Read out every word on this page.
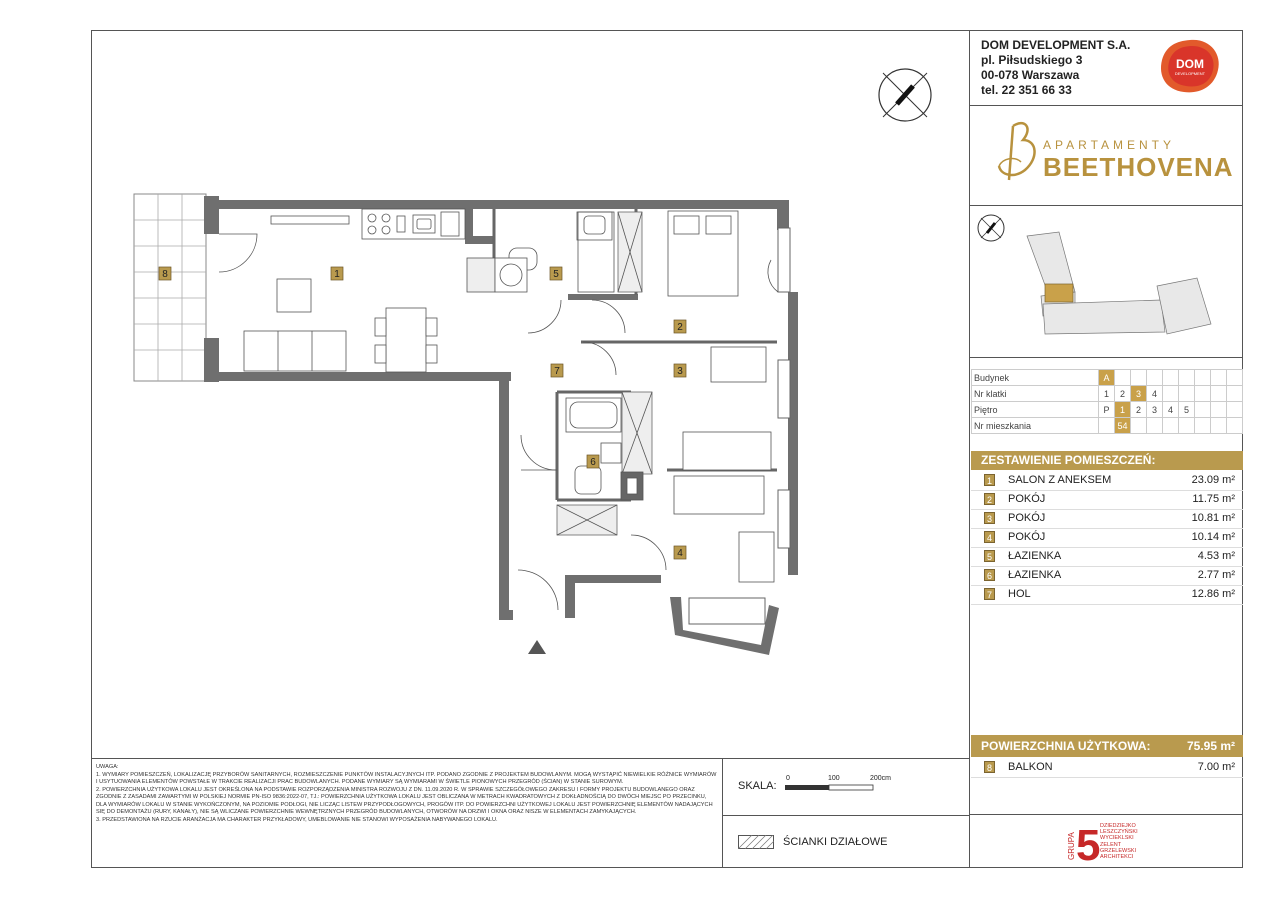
1
2
3
4
5
6
7
8
DOM DEVELOPMENT S.A.
pl. Piłsudskiego 3
00-078 Warszawa
tel. 22 351 66 33
DOM
DEVELOPMENT
APARTAMENTY
BEETHOVENA
Budynek	A								
Nr klatki	1	2	3	4					
Piętro	P	1	2	3	4	5			
Nr mieszkania		54							
ZESTAWIENIE POMIESZCZEŃ:
1 SALON Z ANEKSEM	23.09 m²
2 POKÓJ	11.75 m²
3 POKÓJ	10.81 m²
4 POKÓJ	10.14 m²
5 ŁAZIENKA	4.53 m²
6 ŁAZIENKA	2.77 m²
7 HOL	12.86 m²
POWIERZCHNIA UŻYTKOWA:	75.95 m²
8 BALKON	7.00 m²

UWAGA:

1. WYMIARY POMIESZCZEŃ, LOKALIZACJĘ PRZYBORÓW SANITARNYCH, ROZMIESZCZENIE PUNKTÓW INSTALACYJNYCH ITP. PODANO ZGODNIE Z PROJEKTEM BUDOWLANYM. MOGĄ WYSTĄPIĆ NIEWIELKIE RÓŻNICE WYMIARÓW I USYTUOWANIA ELEMENTÓW POWSTAŁE W TRAKCIE REALIZACJI PRAC BUDOWLANYCH. PODANE WYMIARY SĄ WYMIARAMI W ŚWIETLE PIONOWYCH PRZEGRÓD (ŚCIAN) W STANIE SUROWYM.

2. POWIERZCHNIA UŻYTKOWA LOKALU JEST OKREŚLONA NA PODSTAWIE ROZPORZĄDZENIA MINISTRA ROZWOJU Z DN. 11.09.2020 R. W SPRAWIE SZCZEGÓŁOWEGO ZAKRESU I FORMY PROJEKTU BUDOWLANEGO ORAZ ZGODNIE Z ZASADAMI ZAWARTYMI W POLSKIEJ NORMIE PN-ISO 9836:2022-07, TJ.: POWIERZCHNIA UŻYTKOWA LOKALU JEST OBLICZANA W METRACH KWADRATOWYCH Z DOKŁADNOŚCIĄ DO DWÓCH MIEJSC PO PRZECINKU, DLA WYMIARÓW LOKALU W STANIE WYKOŃCZONYM, NA POZIOMIE PODŁOGI, NIE LICZĄC LISTEW PRZYPODŁOGOWYCH, PROGÓW ITP. DO POWIERZCHNI UŻYTKOWEJ LOKALU JEST POWIERZCHNIĘ ELEMENTÓW NADAJĄCYCH SIĘ DO DEMONTAŻU (RURY, KANAŁY), NIE SĄ WLICZANE POWIERZCHNIE WEWNĘTRZNYCH PRZEGRÓD BUDOWLANYCH, OTWORÓW NA DRZWI I OKNA ORAZ NISZE W ELEMENTACH ZAMYKAJĄCYCH.

3. PRZEDSTAWIONA NA RZUCIE ARANŻACJA MA CHARAKTER PRZYKŁADOWY, UMEBLOWANIE NIE STANOWI WYPOSAŻENIA NABYWANEGO LOKALU.

SKALA:
0	100	200cm
ŚCIANKI DZIAŁOWE	GRUPA 5 DZIEDZIEJKO
LESZCZYŃSKI
WYCIEKLSKI
ZELENT
GRZELEWSKI
ARCHITEKCI
